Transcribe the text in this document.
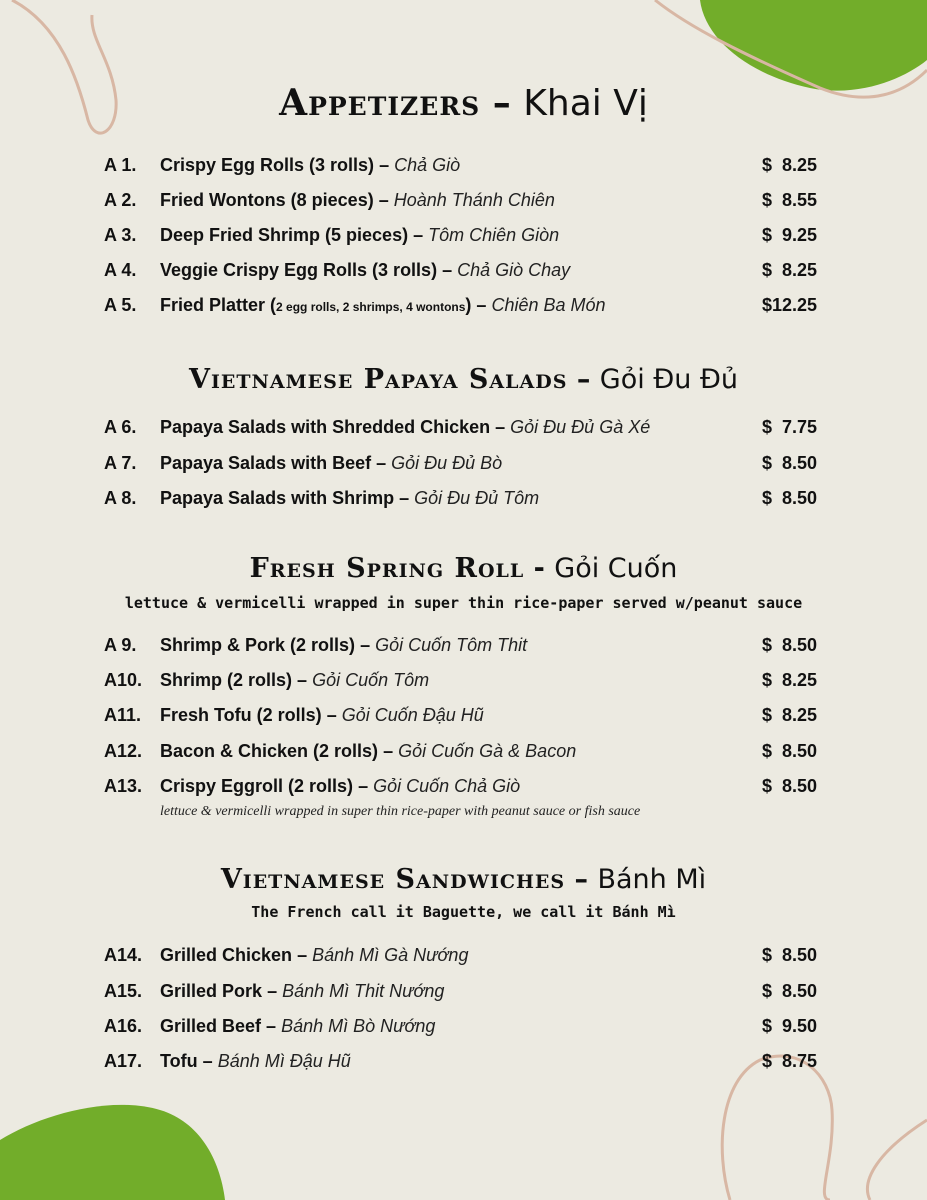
Appetizers – Khai Vị
A 1. Crispy Egg Rolls (3 rolls) – Chả Giò	$  8.25
A 2. Fried Wontons (8 pieces) – Hoành Thánh Chiên	$  8.55
A 3. Deep Fried Shrimp (5 pieces) – Tôm Chiên Giòn	$  9.25
A 4. Veggie Crispy Egg Rolls (3 rolls) – Chả Giò Chay	$  8.25
A 5. Fried Platter (2 egg rolls, 2 shrimps, 4 wontons) – Chiên Ba Món	$12.25
Vietnamese Papaya Salads – Gỏi Đu Đủ
A 6. Papaya Salads with Shredded Chicken – Gỏi Đu Đủ Gà Xé	$  7.75
A 7. Papaya Salads with Beef – Gỏi Đu Đủ Bò	$  8.50
A 8. Papaya Salads with Shrimp – Gỏi Đu Đủ Tôm	$  8.50
Fresh Spring Roll - Gỏi Cuốn
lettuce & vermicelli wrapped in super thin rice-paper served w/peanut sauce
A 9. Shrimp & Pork (2 rolls) – Gỏi Cuốn Tôm Thit	$  8.50
A10. Shrimp (2 rolls) – Gỏi Cuốn Tôm	$  8.25
A11. Fresh Tofu (2 rolls) – Gỏi Cuốn Đậu Hũ	$  8.25
A12. Bacon & Chicken (2 rolls) – Gỏi Cuốn Gà & Bacon	$  8.50
A13. Crispy Eggroll (2 rolls) – Gỏi Cuốn Chả Giò	$  8.50
lettuce & vermicelli wrapped in super thin rice-paper with peanut sauce or fish sauce
Vietnamese Sandwiches – Bánh Mì
The French call it Baguette, we call it Bánh Mì
A14. Grilled Chicken – Bánh Mì Gà Nướng	$  8.50
A15. Grilled Pork – Bánh Mì Thit Nướng	$  8.50
A16. Grilled Beef – Bánh Mì Bò Nướng	$  9.50
A17. Tofu – Bánh Mì Đậu Hũ	$  8.75
